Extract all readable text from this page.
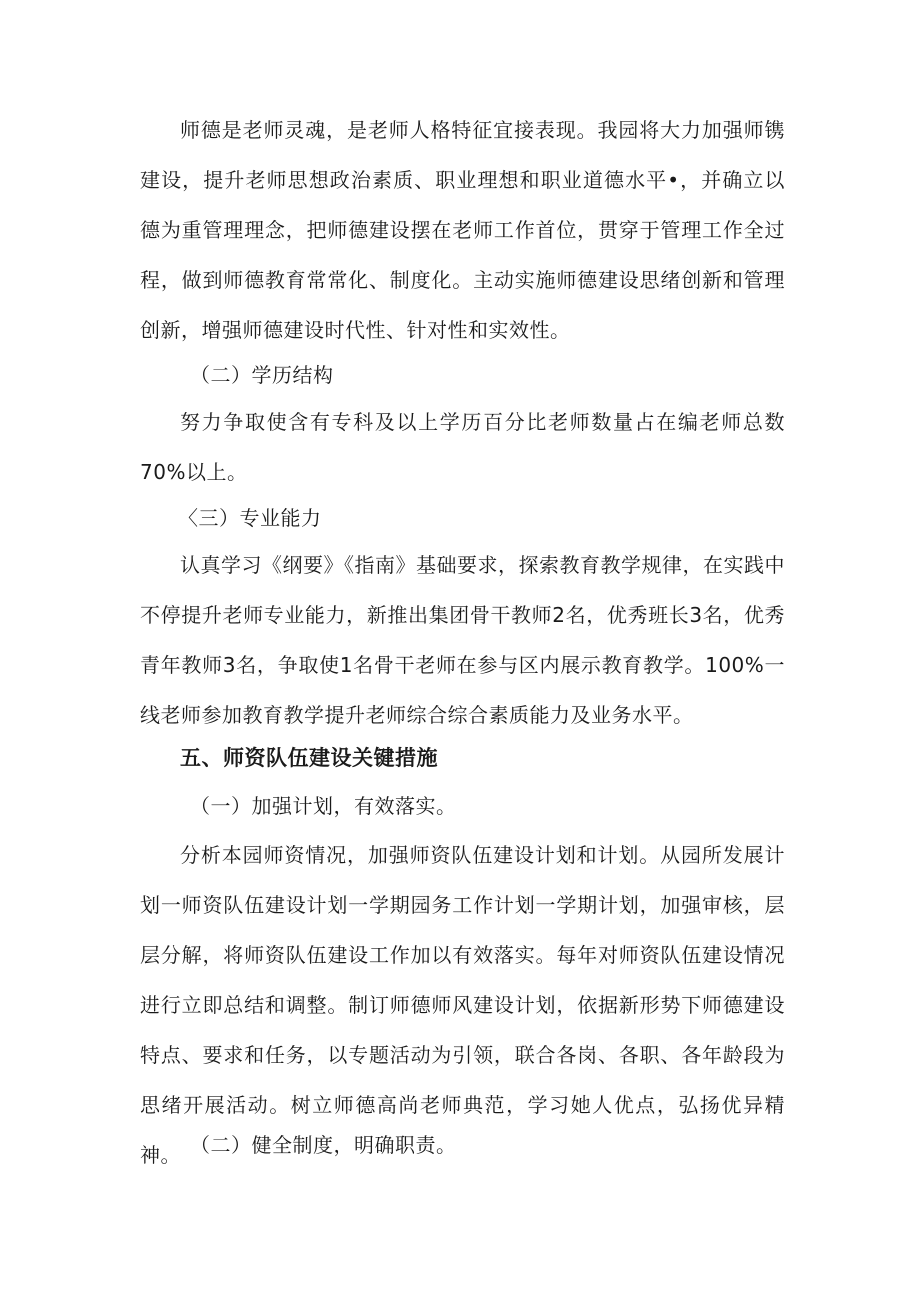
师德是老师灵魂，是老师人格特征宜接表现。我园将大力加强师镌建设，提升老师思想政治素质、职业理想和职业道德水平•，并确立以德为重管理理念，把师德建设摆在老师工作首位，贯穿于管理工作全过程，做到师德教育常常化、制度化。主动实施师德建设思绪创新和管理创新，增强师德建设时代性、针对性和实效性。

（二）学历结构

努力争取使含有专科及以上学历百分比老师数量占在编老师总数70%以上。

〈三）专业能力

认真学习《纲要》《指南》基础要求，探索教育教学规律，在实践中不停提升老师专业能力，新推出集团骨干教师2名，优秀班长3名，优秀青年教师3名，争取使1名骨干老师在参与区内展示教育教学。100%一线老师参加教育教学提升老师综合综合素质能力及业务水平。

五、师资队伍建设关键措施

（一）加强计划，有效落实。

分析本园师资情况，加强师资队伍建设计划和计划。从园所发展计划一师资队伍建设计划一学期园务工作计划一学期计划，加强审核，层层分解，将师资队伍建设工作加以有效落实。每年对师资队伍建设情况进行立即总结和调整。制订师德师风建设计划，依据新形势下师德建设特点、要求和任务，以专题活动为引领，联合各岗、各职、各年龄段为思绪开展活动。树立师德高尚老师典范，学习她人优点，弘扬优异精神。 （二）健全制度，明确职责。
